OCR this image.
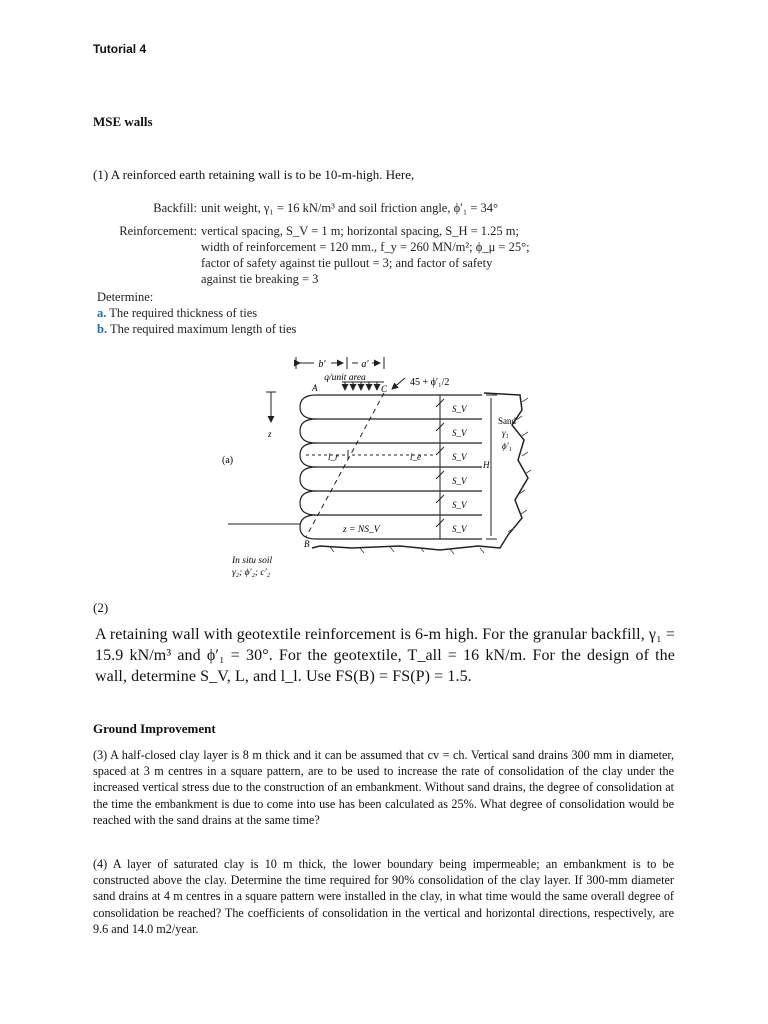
Tutorial 4
MSE walls
(1) A reinforced earth retaining wall is to be 10-m-high. Here,
Backfill: unit weight, γ₁ = 16 kN/m³ and soil friction angle, ϕ′₁ = 34°
Reinforcement: vertical spacing, S_V = 1 m; horizontal spacing, S_H = 1.25 m;
width of reinforcement = 120 mm., f_y = 260 MN/m²; ϕ_μ = 25°;
factor of safety against tie pullout = 3; and factor of safety
against tie breaking = 3
Determine:
a. The required thickness of ties
b. The required maximum length of ties
b′	a′
q/unit area
A	C
45 + ϕ′₁/2
z
(a)
S_V
S_V
S_V
S_V
S_V
S_V
l_r	l_e
H
Sand
γ₁
ϕ′₁
z = NS_V
B
In situ soil
γ₂; ϕ′₂; c′₂
(2)
A retaining wall with geotextile reinforcement is 6-m high. For the granular backfill, γ₁ = 15.9 kN/m³ and ϕ′₁ = 30°. For the geotextile, T_all = 16 kN/m. For the design of the wall, determine S_V, L, and l_l. Use FS(B) = FS(P) = 1.5.
Ground Improvement
(3) A half-closed clay layer is 8 m thick and it can be assumed that cv = ch. Vertical sand drains 300 mm in diameter, spaced at 3 m centres in a square pattern, are to be used to increase the rate of consolidation of the clay under the increased vertical stress due to the construction of an embankment. Without sand drains, the degree of consolidation at the time the embankment is due to come into use has been calculated as 25%. What degree of consolidation would be reached with the sand drains at the same time?
(4) A layer of saturated clay is 10 m thick, the lower boundary being impermeable; an embankment is to be constructed above the clay. Determine the time required for 90% consolidation of the clay layer. If 300-mm diameter sand drains at 4 m centres in a square pattern were installed in the clay, in what time would the same overall degree of consolidation be reached? The coefficients of consolidation in the vertical and horizontal directions, respectively, are 9.6 and 14.0 m2/year.
